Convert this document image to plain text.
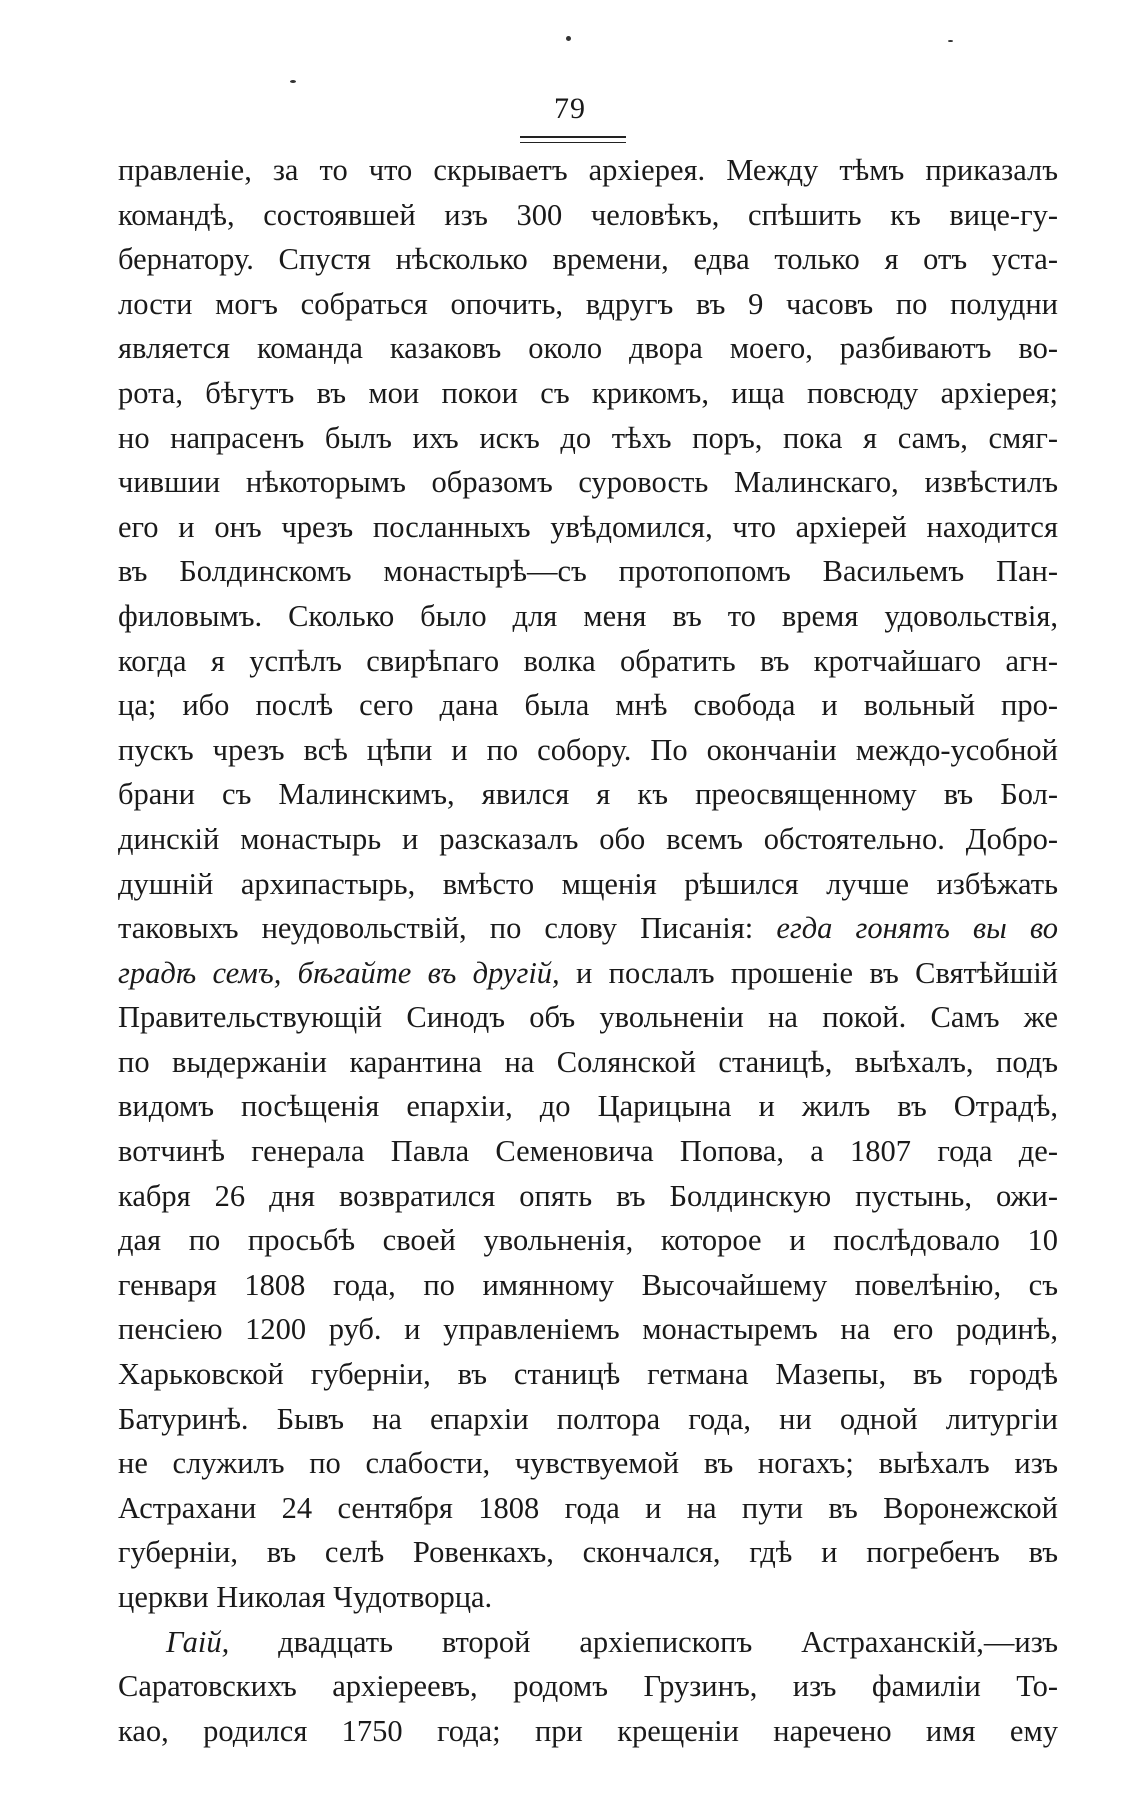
79
правленіе, за то что скрываетъ архіерея. Между тѣмъ приказалъ
командѣ, состоявшей изъ 300 человѣкъ, спѣшить къ вице-гу-
бернатору. Спустя нѣсколько времени, едва только я отъ уста-
лости могъ собраться опочить, вдругъ въ 9 часовъ по полудни
является команда казаковъ около двора моего, разбиваютъ во-
рота, бѣгутъ въ мои покои съ крикомъ, ища повсюду архіерея;
но напрасенъ былъ ихъ искъ до тѣхъ поръ, пока я самъ, смяг-
чившии нѣкоторымъ образомъ суровость Малинскаго, извѣстилъ
его и онъ чрезъ посланныхъ увѣдомился, что архіерей находится
въ Болдинскомъ монастырѣ—съ протопопомъ Васильемъ Пан-
филовымъ. Сколько было для меня въ то время удовольствія,
когда я успѣлъ свирѣпаго волка обратить въ кротчайшаго агн-
ца; ибо послѣ сего дана была мнѣ свобода и вольный про-
пускъ чрезъ всѣ цѣпи и по собору. По окончаніи междо-усобной
брани съ Малинскимъ, явился я къ преосвященному въ Бол-
динскій монастырь и разсказалъ обо всемъ обстоятельно. Добро-
душній архипастырь, вмѣсто мщенія рѣшился лучше избѣжать
таковыхъ неудовольствій, по слову Писанія: егда гонятъ вы во
градѣ семъ, бѣгайте въ другій, и послалъ прошеніе въ Святѣйшій
Правительствующій Синодъ объ увольненіи на покой. Самъ же
по выдержаніи карантина на Солянской станицѣ, выѣхалъ, подъ
видомъ посѣщенія епархіи, до Царицына и жилъ въ Отрадѣ,
вотчинѣ генерала Павла Семеновича Попова, а 1807 года де-
кабря 26 дня возвратился опять въ Болдинскую пустынь, ожи-
дая по просьбѣ своей увольненія, которое и послѣдовало 10
генваря 1808 года, по имянному Высочайшему повелѣнію, съ
пенсіею 1200 руб. и управленіемъ монастыремъ на его родинѣ,
Харьковской губерніи, въ станицѣ гетмана Мазепы, въ городѣ
Батуринѣ. Бывъ на епархіи полтора года, ни одной литургіи
не служилъ по слабости, чувствуемой въ ногахъ; выѣхалъ изъ
Астрахани 24 сентября 1808 года и на пути въ Воронежской
губерніи, въ селѣ Ровенкахъ, скончался, гдѣ и погребенъ въ
церкви Николая Чудотворца.
Гаій, двадцать второй архіепископъ Астраханскій,—изъ
Саратовскихъ архіереевъ, родомъ Грузинъ, изъ фамиліи То-
као, родился 1750 года; при крещеніи наречено имя ему
